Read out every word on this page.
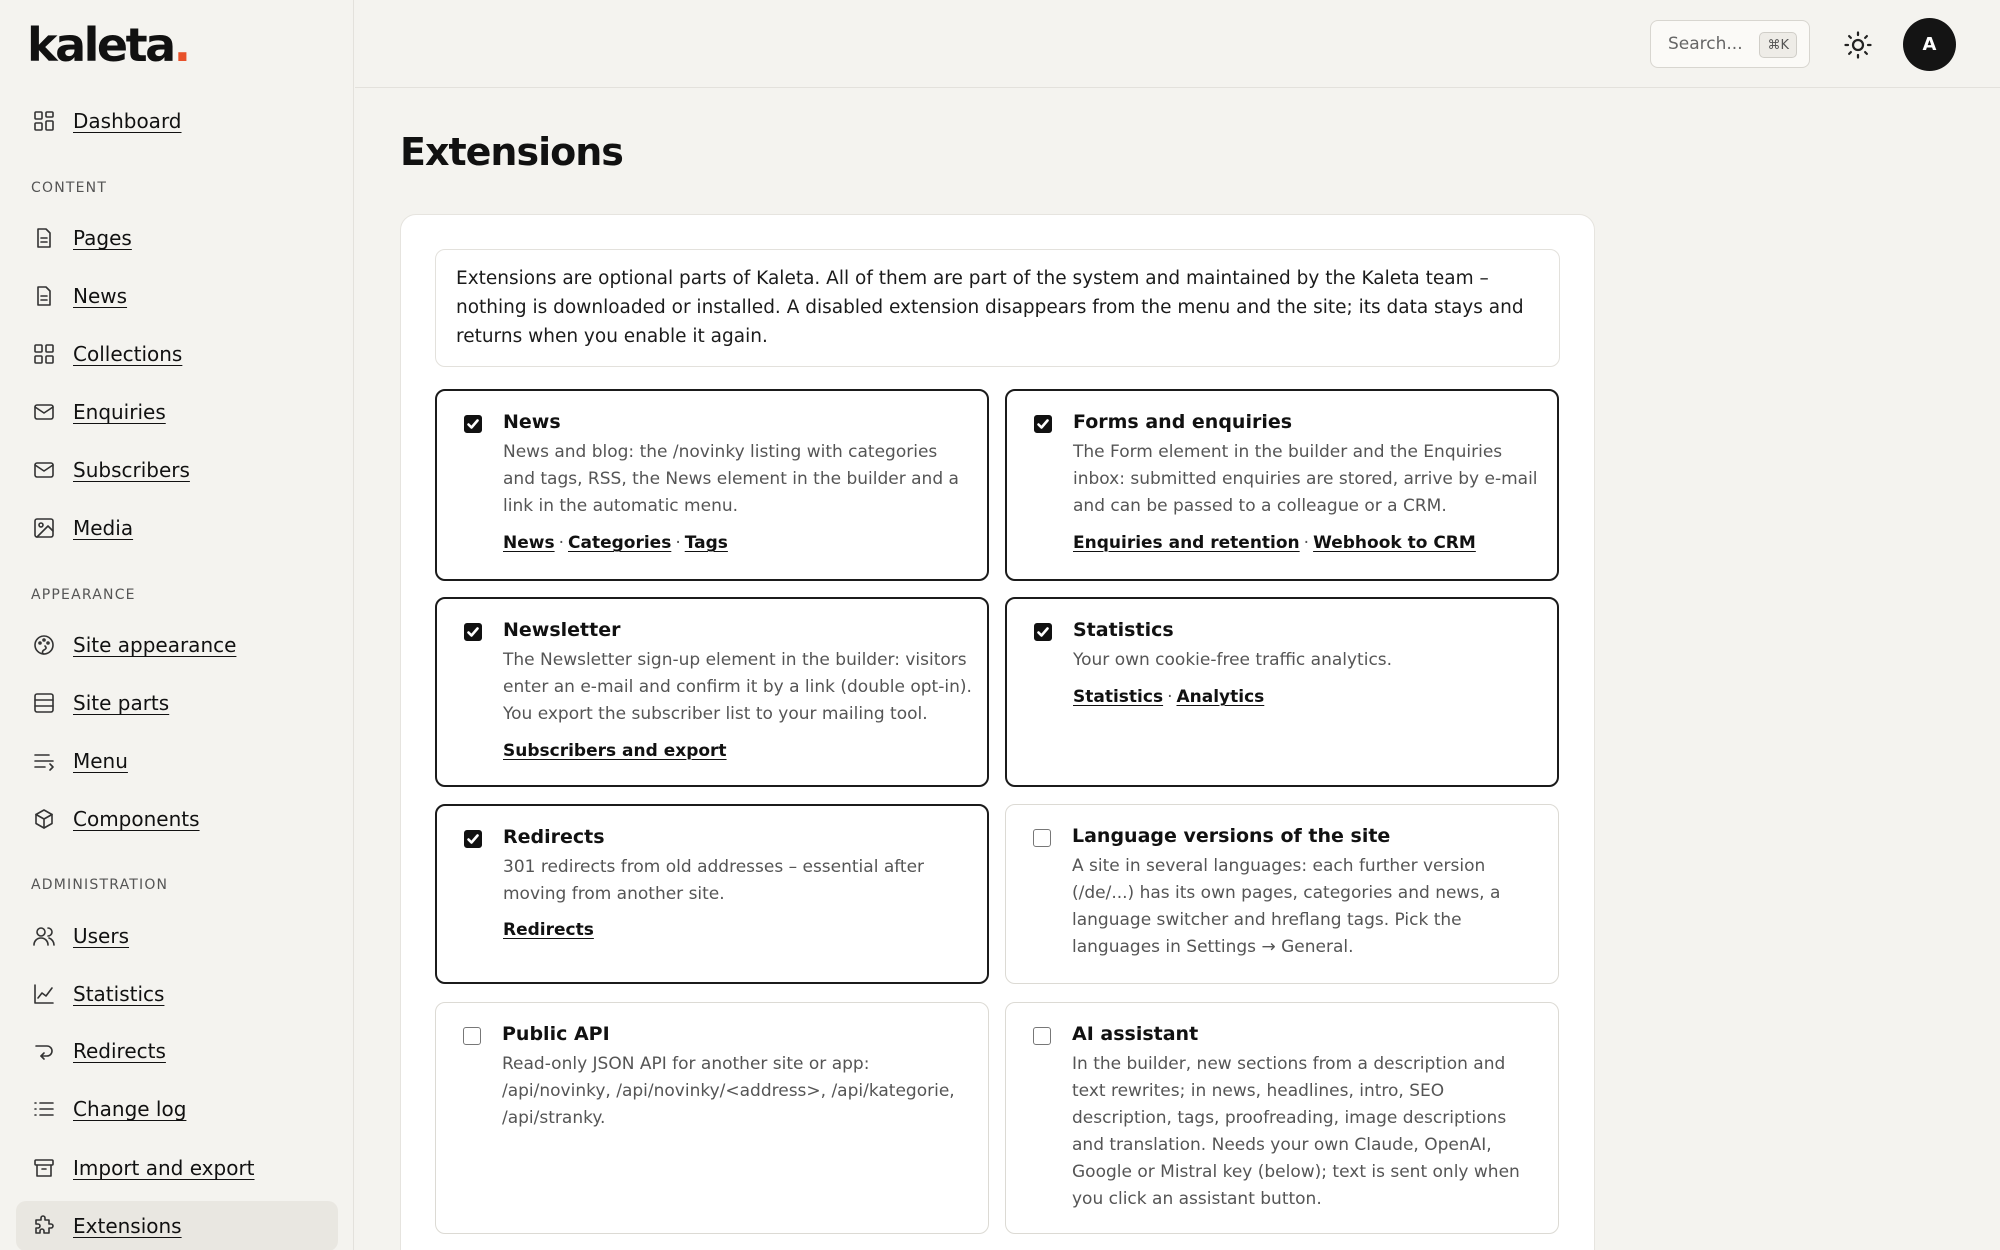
kaleta.
Dashboard
CONTENT
Pages
News
Collections
Enquiries
Subscribers
Media
APPEARANCE
Site appearance
Site parts
Menu
Components
ADMINISTRATION
Users
Statistics
Redirects
Change log
Import and export
Extensions
Search...	⌘K	A
Extensions
Extensions are optional parts of Kaleta. All of them are part of the system and maintained by the Kaleta team – nothing is downloaded or installed. A disabled extension disappears from the menu and the site; its data stays and returns when you enable it again.
News
News and blog: the /novinky listing with categories and tags, RSS, the News element in the builder and a link in the automatic menu.
News · Categories · Tags
Forms and enquiries
The Form element in the builder and the Enquiries inbox: submitted enquiries are stored, arrive by e-mail and can be passed to a colleague or a CRM.
Enquiries and retention · Webhook to CRM
Newsletter
The Newsletter sign-up element in the builder: visitors enter an e-mail and confirm it by a link (double opt-in). You export the subscriber list to your mailing tool.
Subscribers and export
Statistics
Your own cookie-free traffic analytics.
Statistics · Analytics
Redirects
301 redirects from old addresses – essential after moving from another site.
Redirects
Language versions of the site
A site in several languages: each further version (/de/...) has its own pages, categories and news, a language switcher and hreflang tags. Pick the languages in Settings → General.
Public API
Read-only JSON API for another site or app: /api/novinky, /api/novinky/<address>, /api/kategorie, /api/stranky.
AI assistant
In the builder, new sections from a description and text rewrites; in news, headlines, intro, SEO description, tags, proofreading, image descriptions and translation. Needs your own Claude, OpenAI, Google or Mistral key (below); text is sent only when you click an assistant button.
